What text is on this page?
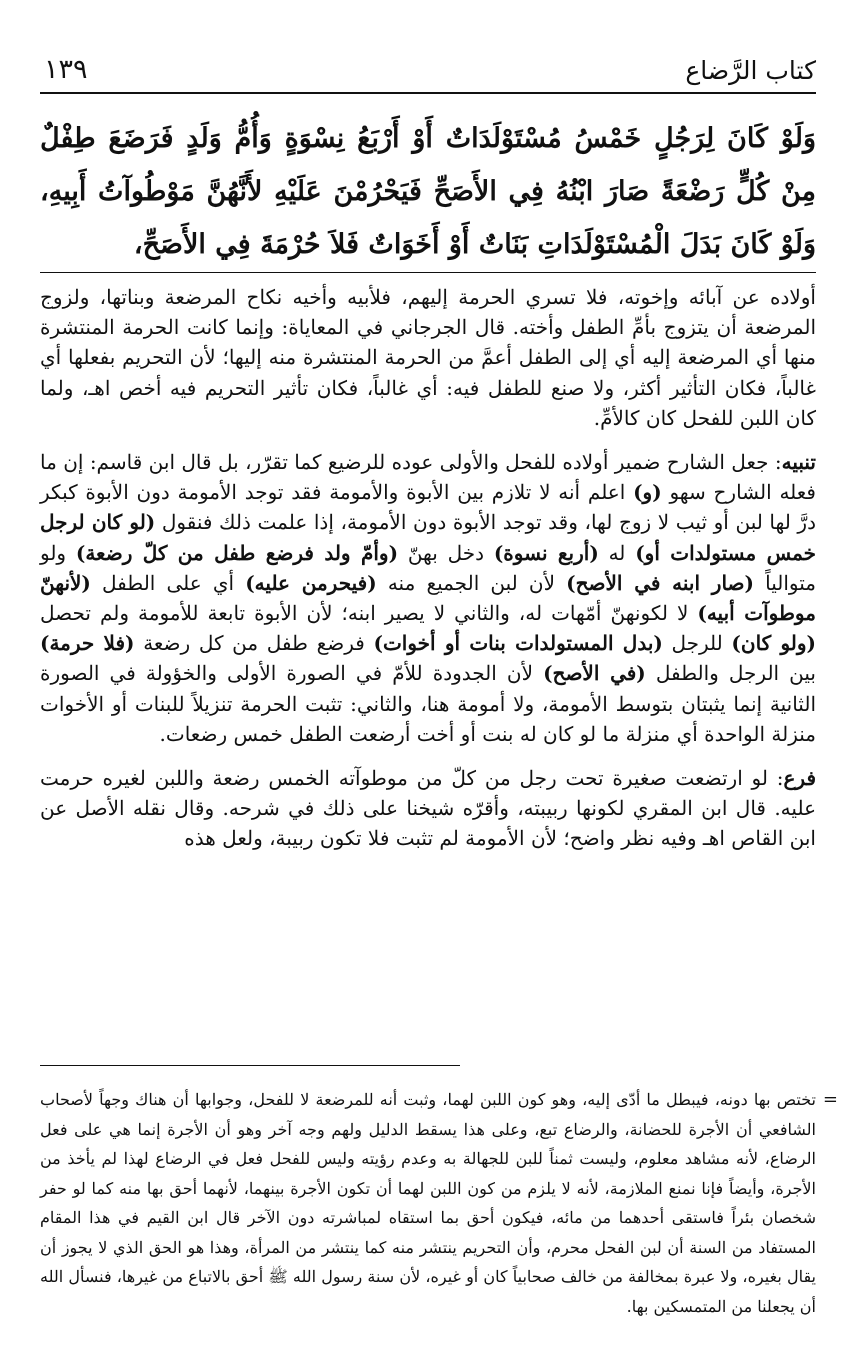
كتاب الرَّضاع
١٣٩
وَلَوْ كَانَ لِرَجُلٍ خَمْسُ مُسْتَوْلَدَاتٌ أَوْ أَرْبَعُ نِسْوَةٍ وَأُمُّ وَلَدٍ فَرَضَعَ طِفْلٌ مِنْ كُلٍّ رَضْعَةً صَارَ ابْنُهُ فِي الأَصَحِّ فَيَحْرُمْنَ عَلَيْهِ لأَنَّهُنَّ مَوْطُوآتُ أَبِيهِ، وَلَوْ كَانَ بَدَلَ الْمُسْتَوْلَدَاتِ بَنَاتٌ أَوْ أَخَوَاتٌ فَلاَ حُرْمَةَ فِي الأَصَحِّ،

أولاده عن آبائه وإخوته، فلا تسري الحرمة إليهم، فلأبيه وأخيه نكاح المرضعة وبناتها، ولزوج المرضعة أن يتزوج بأمِّ الطفل وأخته. قال الجرجاني في المعاياة: وإنما كانت الحرمة المنتشرة منها أي المرضعة إليه أي إلى الطفل أعمَّ من الحرمة المنتشرة منه إليها؛ لأن التحريم بفعلها أي غالباً، فكان التأثير أكثر، ولا صنع للطفل فيه: أي غالباً، فكان تأثير التحريم فيه أخص اهـ، ولما كان اللبن للفحل كان كالأمِّ.

تنبيه: جعل الشارح ضمير أولاده للفحل والأولى عوده للرضيع كما تقرّر، بل قال ابن قاسم: إن ما فعله الشارح سهو (و) اعلم أنه لا تلازم بين الأبوة والأمومة فقد توجد الأمومة دون الأبوة كبكر درَّ لها لبن أو ثيب لا زوج لها، وقد توجد الأبوة دون الأمومة، إذا علمت ذلك فنقول (لو كان لرجل خمس مستولدات أو) له (أربع نسوة) دخل بهنّ (وأمّ ولد فرضع طفل من كلّ رضعة) ولو متوالياً (صار ابنه في الأصح) لأن لبن الجميع منه (فيحرمن عليه) أي على الطفل (لأنهنّ موطوآت أبيه) لا لكونهنّ أمّهات له، والثاني لا يصير ابنه؛ لأن الأبوة تابعة للأمومة ولم تحصل (ولو كان) للرجل (بدل المستولدات بنات أو أخوات) فرضع طفل من كل رضعة (فلا حرمة) بين الرجل والطفل (في الأصح) لأن الجدودة للأمّ في الصورة الأولى والخؤولة في الصورة الثانية إنما يثبتان بتوسط الأمومة، ولا أمومة هنا، والثاني: تثبت الحرمة تنزيلاً للبنات أو الأخوات منزلة الواحدة أي منزلة ما لو كان له بنت أو أخت أرضعت الطفل خمس رضعات.

فرع: لو ارتضعت صغيرة تحت رجل من كلّ من موطوآته الخمس رضعة واللبن لغيره حرمت عليه. قال ابن المقري لكونها ربيبته، وأقرّه شيخنا على ذلك في شرحه. وقال نقله الأصل عن ابن القاص اهـ وفيه نظر واضح؛ لأن الأمومة لم تثبت فلا تكون ربيبة، ولعل هذه

=
تختص بها دونه، فيبطل ما أدّى إليه، وهو كون اللبن لهما، وثبت أنه للمرضعة لا للفحل، وجوابها أن هناك وجهاً لأصحاب الشافعي أن الأجرة للحضانة، والرضاع تبع، وعلى هذا يسقط الدليل ولهم وجه آخر وهو أن الأجرة إنما هي على فعل الرضاع، لأنه مشاهد معلوم، وليست ثمناً للبن للجهالة به وعدم رؤيته وليس للفحل فعل في الرضاع لهذا لم يأخذ من الأجرة، وأيضاً فإنا نمنع الملازمة، لأنه لا يلزم من كون اللبن لهما أن تكون الأجرة بينهما، لأنهما أحق بها منه كما لو حفر شخصان بئراً فاستقى أحدهما من مائه، فيكون أحق بما استقاه لمباشرته دون الآخر قال ابن القيم في هذا المقام المستفاد من السنة أن لبن الفحل محرم، وأن التحريم ينتشر منه كما ينتشر من المرأة، وهذا هو الحق الذي لا يجوز أن يقال بغيره، ولا عبرة بمخالفة من خالف صحابياً كان أو غيره، لأن سنة رسول الله ﷺ أحق بالاتباع من غيرها، فنسأل الله أن يجعلنا من المتمسكين بها.
